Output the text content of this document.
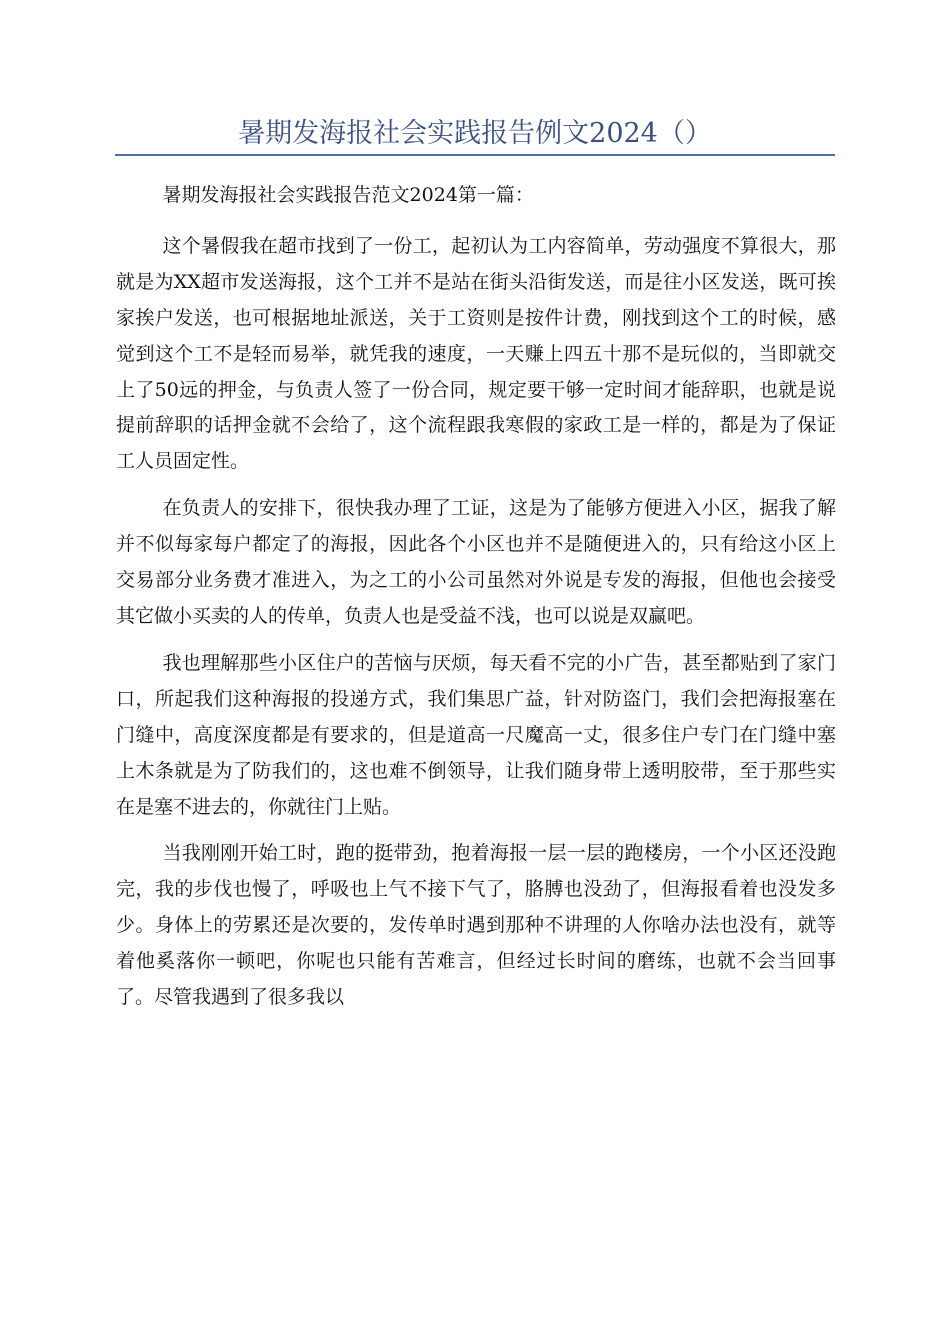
暑期发海报社会实践报告例文2024（）

暑期发海报社会实践报告范文2024第一篇：

这个暑假我在超市找到了一份工，起初认为工内容简单，劳动强度不算很大，那就是为XX超市发送海报，这个工并不是站在街头沿街发送，而是往小区发送，既可挨家挨户发送，也可根据地址派送，关于工资则是按件计费，刚找到这个工的时候，感觉到这个工不是轻而易举，就凭我的速度，一天赚上四五十那不是玩似的，当即就交上了50远的押金，与负责人签了一份合同，规定要干够一定时间才能辞职，也就是说提前辞职的话押金就不会给了，这个流程跟我寒假的家政工是一样的，都是为了保证工人员固定性。

在负责人的安排下，很快我办理了工证，这是为了能够方便进入小区，据我了解并不似每家每户都定了的海报，因此各个小区也并不是随便进入的，只有给这小区上交易部分业务费才准进入，为之工的小公司虽然对外说是专发的海报，但他也会接受其它做小买卖的人的传单，负责人也是受益不浅，也可以说是双赢吧。

我也理解那些小区住户的苦恼与厌烦，每天看不完的小广告，甚至都贴到了家门口，所起我们这种海报的投递方式，我们集思广益，针对防盗门，我们会把海报塞在门缝中，高度深度都是有要求的，但是道高一尺魔高一丈，很多住户专门在门缝中塞上木条就是为了防我们的，这也难不倒领导，让我们随身带上透明胶带，至于那些实在是塞不进去的，你就往门上贴。

当我刚刚开始工时，跑的挺带劲，抱着海报一层一层的跑楼房，一个小区还没跑完，我的步伐也慢了，呼吸也上气不接下气了，胳膊也没劲了，但海报看着也没发多少。身体上的劳累还是次要的，发传单时遇到那种不讲理的人你啥办法也没有，就等着他奚落你一顿吧，你呢也只能有苦难言，但经过长时间的磨练，也就不会当回事了。尽管我遇到了很多我以
